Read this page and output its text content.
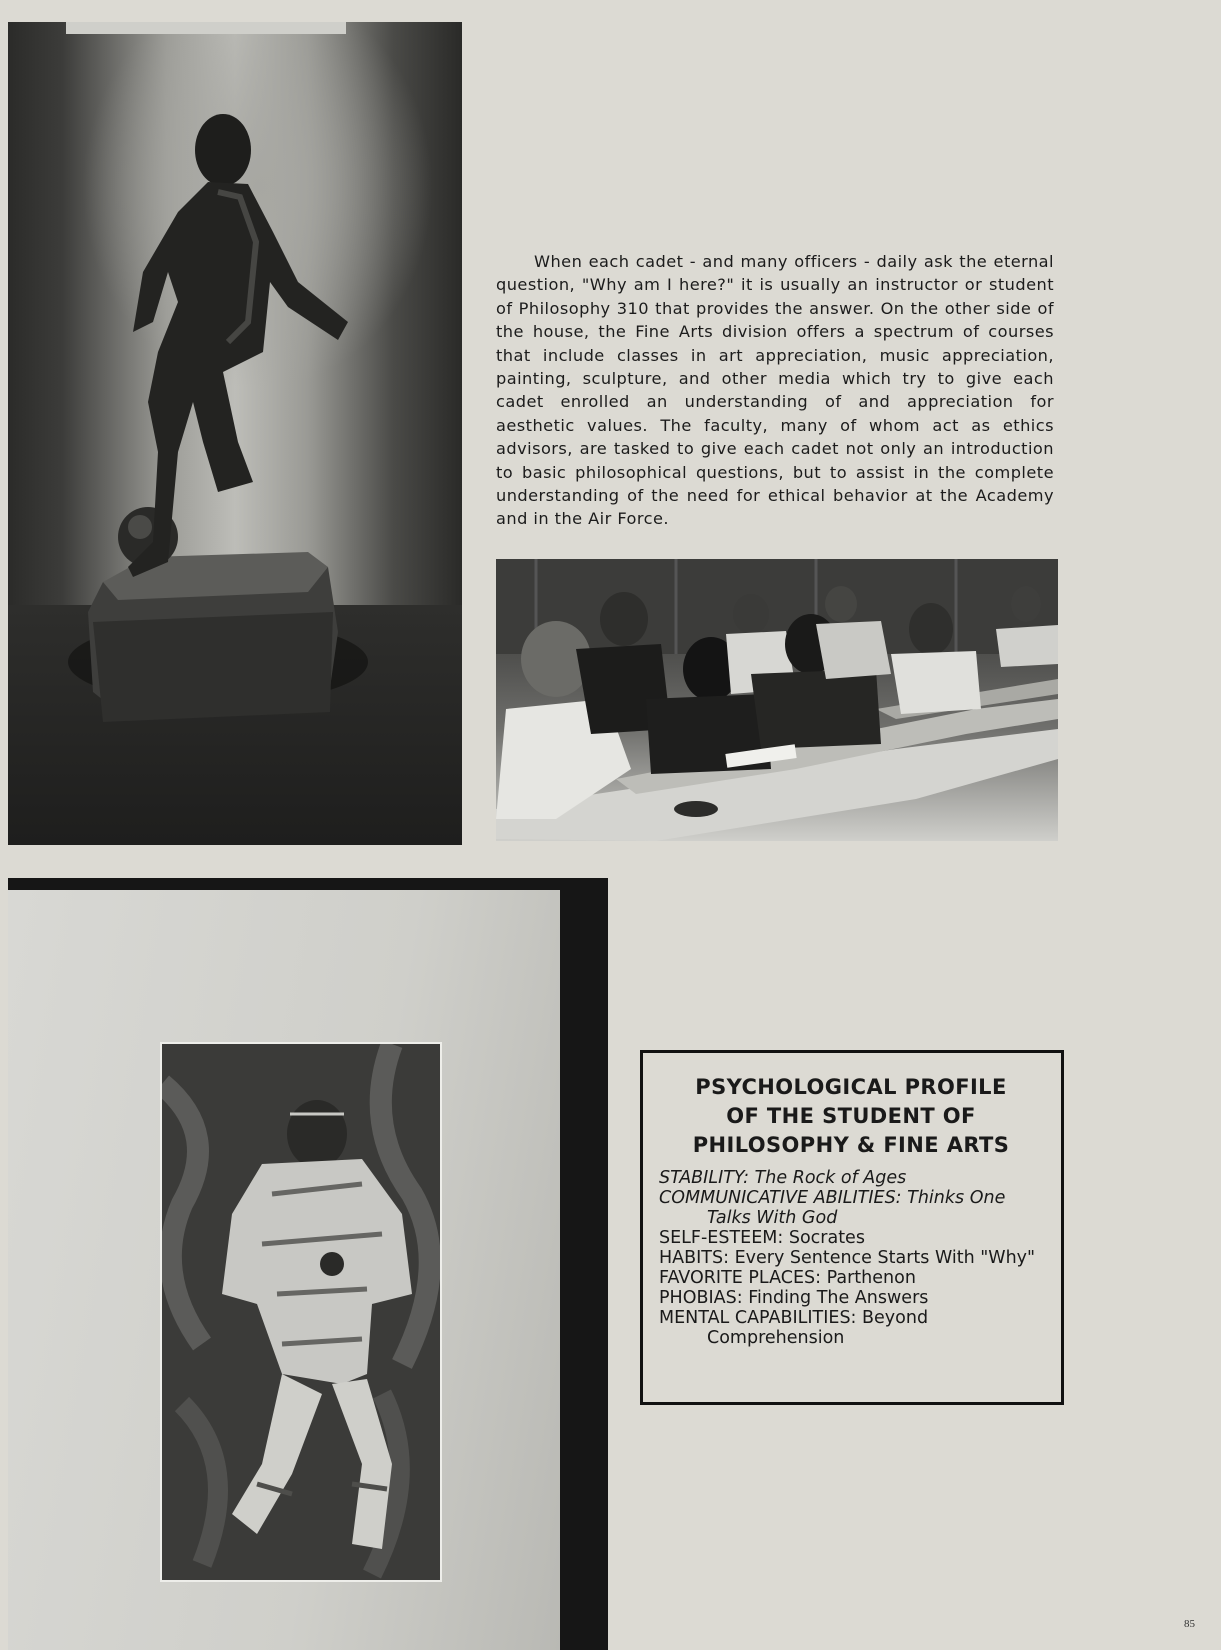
When each cadet - and many officers - daily ask the eternal question, "Why am I here?" it is usually an instructor or student of Philosophy 310 that provides the answer. On the other side of the house, the Fine Arts division offers a spectrum of courses that include classes in art appreciation, music appreciation, painting, sculpture, and other media which try to give each cadet enrolled an understanding of and appreciation for aesthetic values. The faculty, many of whom act as ethics advisors, are tasked to give each cadet not only an introduction to basic philosophical questions, but to assist in the complete understanding of the need for ethical behavior at the Academy and in the Air Force.

PSYCHOLOGICAL PROFILE
OF THE STUDENT OF
PHILOSOPHY & FINE ARTS

STABILITY: The Rock of Ages

COMMUNICATIVE ABILITIES: Thinks One Talks With God

SELF-ESTEEM: Socrates

HABITS: Every Sentence Starts With "Why"

FAVORITE PLACES: Parthenon

PHOBIAS: Finding The Answers

MENTAL CAPABILITIES: Beyond Comprehension

85
